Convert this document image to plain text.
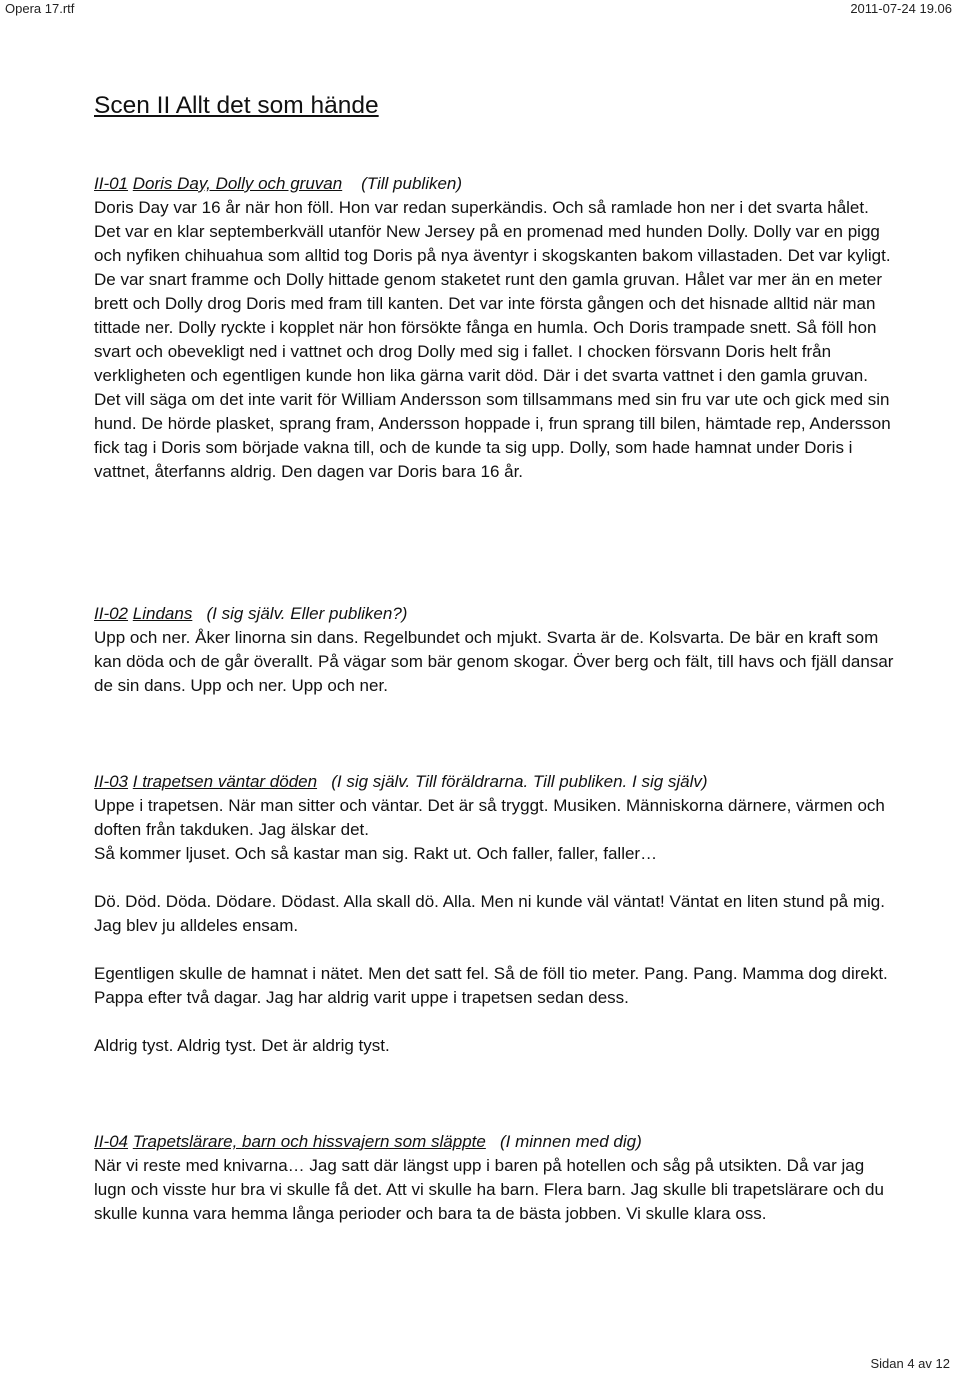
Opera 17.rtf	2011-07-24 19.06
Scen II Allt det som hände
II-01 Doris Day, Dolly och gruvan (Till publiken)

Doris Day var 16 år när hon föll. Hon var redan superkändis. Och så ramlade hon ner i det svarta hålet. Det var en klar septemberkväll utanför New Jersey på en promenad med hunden Dolly. Dolly var en pigg och nyfiken chihuahua som alltid tog Doris på nya äventyr i skogskanten bakom villastaden. Det var kyligt. De var snart framme och Dolly hittade genom staketet runt den gamla gruvan. Hålet var mer än en meter brett och Dolly drog Doris med fram till kanten. Det var inte första gången och det hisnade alltid när man tittade ner. Dolly ryckte i kopplet när hon försökte fånga en humla. Och Doris trampade snett. Så föll hon svart och obevekligt ned i vattnet och drog Dolly med sig i fallet. I chocken försvann Doris helt från verkligheten och egentligen kunde hon lika gärna varit död. Där i det svarta vattnet i den gamla gruvan. Det vill säga om det inte varit för William Andersson som tillsammans med sin fru var ute och gick med sin hund. De hörde plasket, sprang fram, Andersson hoppade i, frun sprang till bilen, hämtade rep, Andersson fick tag i Doris som började vakna till, och de kunde ta sig upp. Dolly, som hade hamnat under Doris i vattnet, återfanns aldrig. Den dagen var Doris bara 16 år.

II-02 Lindans (I sig själv. Eller publiken?)

Upp och ner. Åker linorna sin dans. Regelbundet och mjukt. Svarta är de. Kolsvarta. De bär en kraft som kan döda och de går överallt. På vägar som bär genom skogar. Över berg och fält, till havs och fjäll dansar de sin dans. Upp och ner. Upp och ner.

II-03 I trapetsen väntar döden (I sig själv. Till föräldrarna. Till publiken. I sig själv)

Uppe i trapetsen. När man sitter och väntar. Det är så tryggt. Musiken. Människorna därnere, värmen och doften från takduken. Jag älskar det.

Så kommer ljuset. Och så kastar man sig. Rakt ut. Och faller, faller, faller…

Dö. Död. Döda. Dödare. Dödast. Alla skall dö. Alla. Men ni kunde väl väntat! Väntat en liten stund på mig. Jag blev ju alldeles ensam.

Egentligen skulle de hamnat i nätet. Men det satt fel. Så de föll tio meter. Pang. Pang. Mamma dog direkt. Pappa efter två dagar. Jag har aldrig varit uppe i trapetsen sedan dess.

Aldrig tyst. Aldrig tyst. Det är aldrig tyst.

II-04 Trapetslärare, barn och hissvajern som släppte (I minnen med dig)

När vi reste med knivarna… Jag satt där längst upp i baren på hotellen och såg på utsikten. Då var jag lugn och visste hur bra vi skulle få det. Att vi skulle ha barn. Flera barn. Jag skulle bli trapetslärare och du skulle kunna vara hemma långa perioder och bara ta de bästa jobben. Vi skulle klara oss.

Sidan 4 av 12
